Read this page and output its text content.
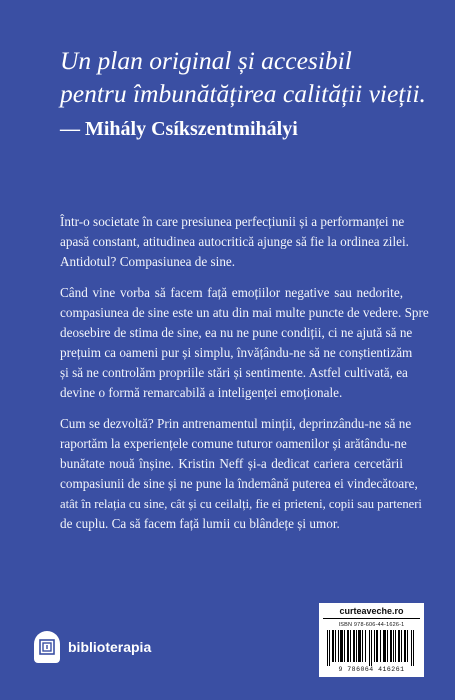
Un plan original și accesibil
pentru îmbunătățirea calității vieții.
— Mihály Csíkszentmihályi

Într-o societate în care presiunea perfecțiunii și a performanței ne
apasă constant, atitudinea autocritică ajunge să fie la ordinea zilei.
Antidotul? Compasiunea de sine.

Când vine vorba să facem față emoțiilor negative sau nedorite,
compasiunea de sine este un atu din mai multe puncte de vedere. Spre
deosebire de stima de sine, ea nu ne pune condiții, ci ne ajută să ne
prețuim ca oameni pur și simplu, învățându-ne să ne conștientizăm
și să ne controlăm propriile stări și sentimente. Astfel cultivată, ea
devine o formă remarcabilă a inteligenței emoționale.

Cum se dezvoltă? Prin antrenamentul minții, deprinzându-ne să ne
raportăm la experiențele comune tuturor oamenilor și arătându-ne
bunătate nouă înșine. Kristin Neff și-a dedicat cariera cercetării
compasiunii de sine și ne pune la îndemână puterea ei vindecătoare,
atât în relația cu sine, cât și cu ceilalți, fie ei prieteni, copii sau parteneri
de cuplu. Ca să facem față lumii cu blândețe și umor.

biblioterapia
curteaveche.ro
ISBN 978-606-44-1626-1
9 786064 416261
